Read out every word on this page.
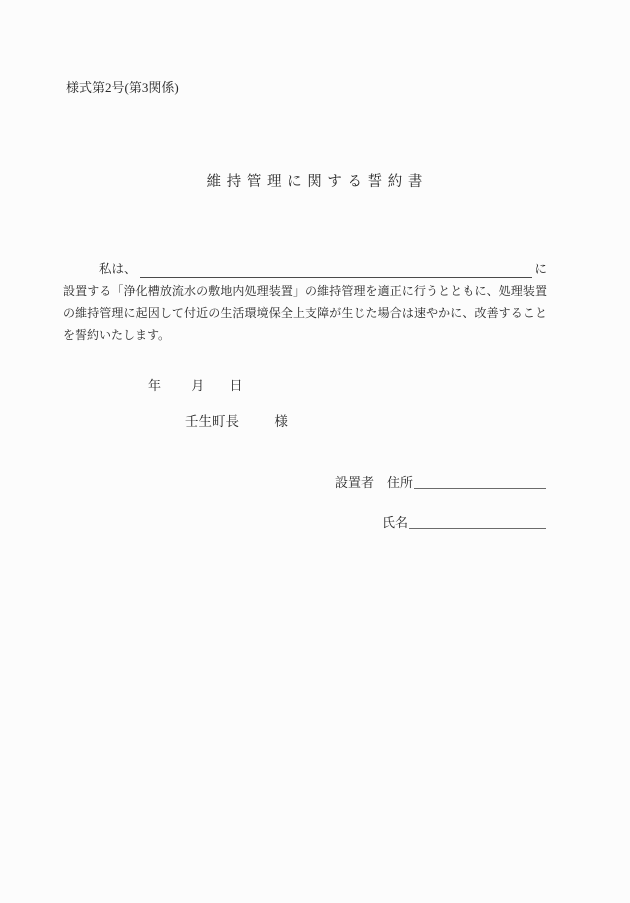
様式第2号(第3関係)
維 持 管 理 に 関 す る 誓 約 書
私は、	に
設置する「浄化槽放流水の敷地内処理装置」の維持管理を適正に行うとともに、処理装置
の維持管理に起因して付近の生活環境保全上支障が生じた場合は速やかに、改善すること
を誓約いたします。
年 月 日
壬生町長	様
設置者 住所
氏名
